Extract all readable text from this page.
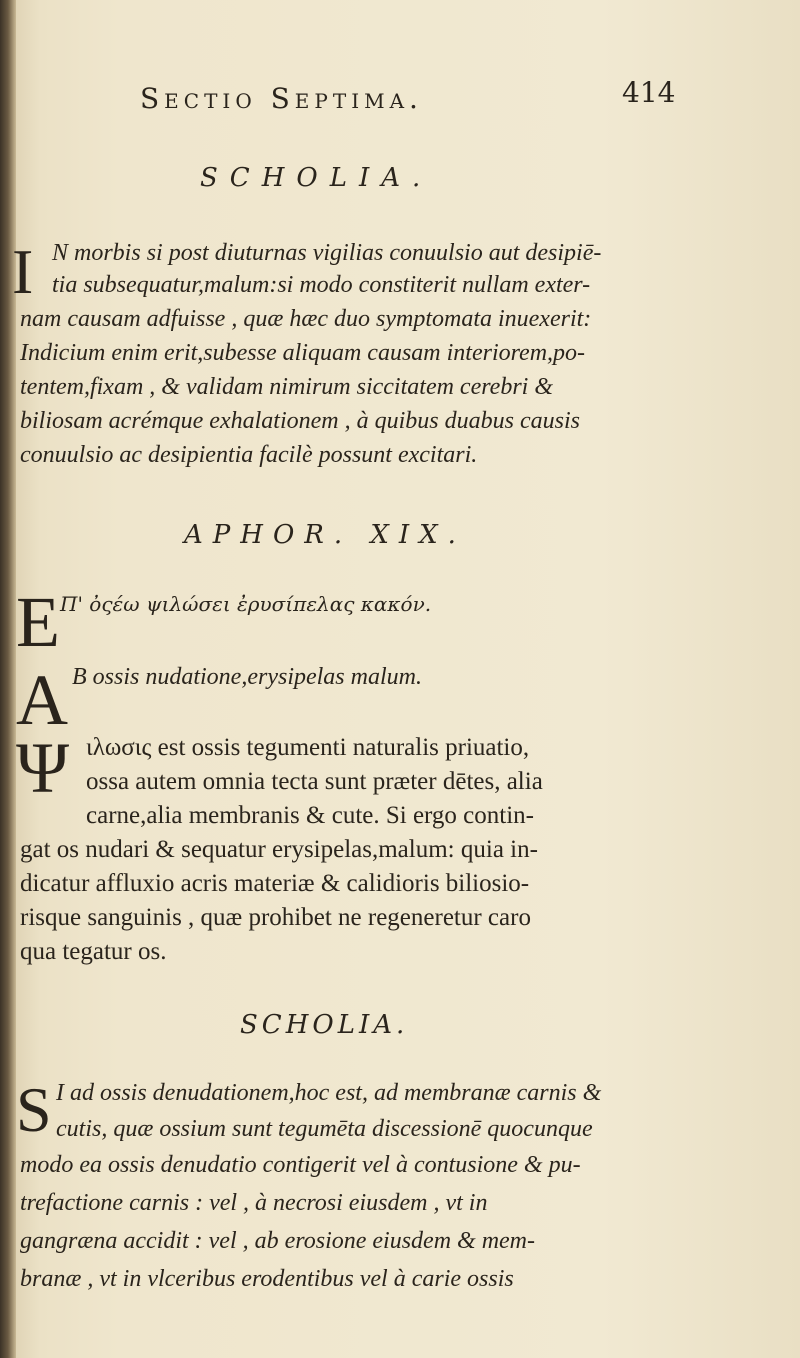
Sectio Septima.	414
SCHOLIA.
I N morbis si post diuturnas vigilias conuulsio aut desipiē-
tia subsequatur,malum:si modo constiterit nullam exter-
nam causam adfuisse , quæ hæc duo symptomata inuexerit:
Indicium enim erit,subesse aliquam causam interiorem,po-
tentem,fixam , & validam nimirum siccitatem cerebri &
biliosam acrémque exhalationem , à quibus duabus causis
conuulsio ac desipientia facilè possunt excitari.
APHOR. XIX.
E Π' ὀςέω ψιλώσει ἐρυσίπελας κακόν.
A B ossis nudatione,erysipelas malum.
Ψ ιλωσις est ossis tegumenti naturalis priuatio,
ossa autem omnia tecta sunt præter dētes, alia
carne,alia membranis & cute. Si ergo contin-
gat os nudari & sequatur erysipelas,malum: quia in-
dicatur affluxio acris materiæ & calidioris biliosio-
risque sanguinis , quæ prohibet ne regeneretur caro
qua tegatur os.
SCHOLIA.
S I ad ossis denudationem,hoc est, ad membranæ carnis &
cutis, quæ ossium sunt tegumēta discessionē quocunque
modo ea ossis denudatio contigerit vel à contusione & pu-
trefactione carnis : vel , à necrosi eiusdem , vt in
gangræna accidit : vel , ab erosione eiusdem & mem-
branæ , vt in vlceribus erodentibus vel à carie ossis
